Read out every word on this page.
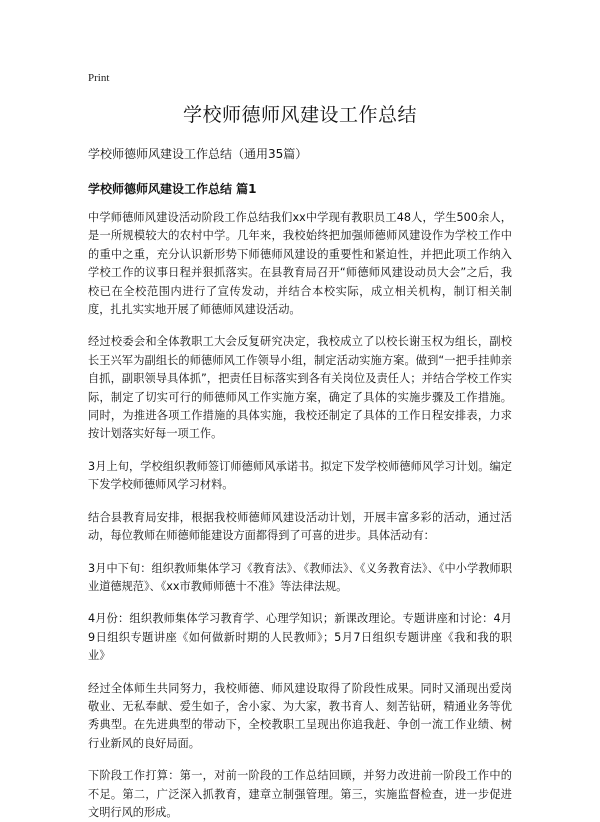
Print
学校师德师风建设工作总结

学校师德师风建设工作总结（通用35篇）

学校师德师风建设工作总结 篇1

中学师德师风建设活动阶段工作总结我们xx中学现有教职员工48人，学生500余人，是一所规模较大的农村中学。几年来，我校始终把加强师德师风建设作为学校工作中的重中之重，充分认识新形势下师德师风建设的重要性和紧迫性，并把此项工作纳入学校工作的议事日程并狠抓落实。在县教育局召开“师德师风建设动员大会”之后，我校已在全校范围内进行了宣传发动，并结合本校实际，成立相关机构，制订相关制度，扎扎实实地开展了师德师风建设活动。

经过校委会和全体教职工大会反复研究决定，我校成立了以校长谢玉权为组长，副校长王兴军为副组长的师德师风工作领导小组，制定活动实施方案。做到“一把手挂帅亲自抓，副职领导具体抓”，把责任目标落实到各有关岗位及责任人；并结合学校工作实际，制定了切实可行的师德师风工作实施方案，确定了具体的实施步骤及工作措施。同时，为推进各项工作措施的具体实施，我校还制定了具体的工作日程安排表，力求按计划落实好每一项工作。

3月上旬，学校组织教师签订师德师风承诺书。拟定下发学校师德师风学习计划。编定下发学校师德师风学习材料。

结合县教育局安排，根据我校师德师风建设活动计划，开展丰富多彩的活动，通过活动，每位教师在师德师能建设方面都得到了可喜的进步。具体活动有：

3月中下旬：组织教师集体学习《教育法》、《教师法》、《义务教育法》、《中小学教师职业道德规范》、《xx市教师师德十不准》等法律法规。

4月份：组织教师集体学习教育学、心理学知识；新课改理论。专题讲座和讨论：4月9日组织专题讲座《如何做新时期的人民教师》；5月7日组织专题讲座《我和我的职业》

经过全体师生共同努力，我校师德、师风建设取得了阶段性成果。同时又涌现出爱岗敬业、无私奉献、爱生如子，舍小家、为大家，教书育人、刻苦钻研，精通业务等优秀典型。在先进典型的带动下，全校教职工呈现出你追我赶、争创一流工作业绩、树行业新风的良好局面。

下阶段工作打算：第一，对前一阶段的工作总结回顾，并努力改进前一阶段工作中的不足。第二，广泛深入抓教育，建章立制强管理。第三，实施监督检查，进一步促进文明行风的形成。
